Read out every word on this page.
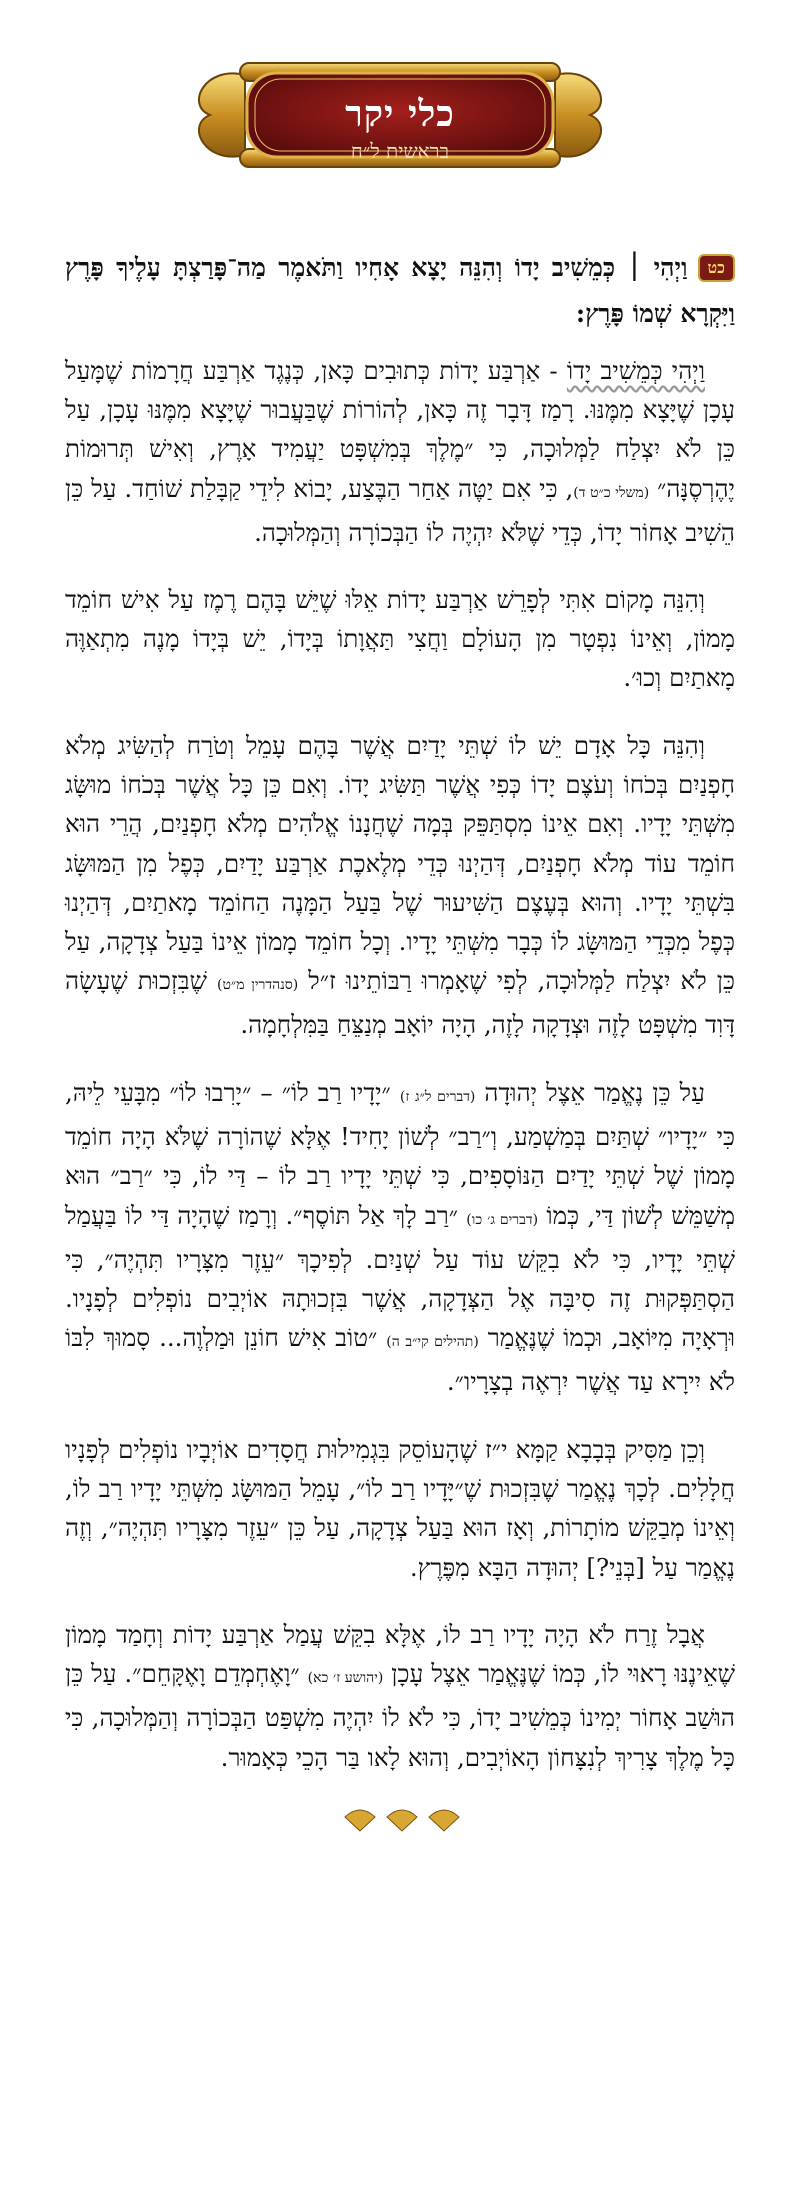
כלי יקר
בראשית ל״ח
כטוַיְהִי ׀ כְּמֵשִׁיב יָדוֹ וְהִנֵּה יָצָא אָחִיו וַתֹּאמֶר מַה־פָּרַצְתָּ עָלֶיךָ פָּרֶץ וַיִּקְרָא שְׁמוֹ פָּרֶץ:

וַיְהִי כְּמֵשִׁיב יָדוֹ - אַרְבַּע יָדוֹת כְּתוּבִים כָּאן, כְּנֶגֶד אַרְבַּע חֲרָמוֹת שֶׁמָּעַל עָכָן שֶׁיָּצָא מִמֶּנּוּ. רָמַז דָּבָר זֶה כָּאן, לְהוֹרוֹת שֶׁבַּעֲבוּר שֶׁיָּצָא מִמֶּנּוּ עָכָן, עַל כֵּן לֹא יִצְלַח לַמְּלוּכָה, כִּי ״מֶלֶךְ בְּמִשְׁפָּט יַעֲמִיד אָרֶץ, וְאִישׁ תְּרוּמוֹת יֶהֶרְסֶנָּה״ (משלי כ״ט ד), כִּי אִם יַטֶּה אַחַר הַבֶּצַע, יָבוֹא לִידֵי קַבָּלַת שׁוֹחַד. עַל כֵּן הֵשִׁיב אָחוֹר יָדוֹ, כְּדֵי שֶׁלֹּא יִהְיֶה לוֹ הַבְּכוֹרָה וְהַמְּלוּכָה.

וְהִנֵּה מָקוֹם אִתִּי לְפָרֵשׁ אַרְבַּע יָדוֹת אֵלּוּ שֶׁיֵּשׁ בָּהֶם רֶמֶז עַל אִישׁ חוֹמֵד מָמוֹן, וְאֵינוֹ נִפְטָר מִן הָעוֹלָם וַחֲצִי תַּאֲוָתוֹ בְּיָדוֹ, יֵשׁ בְּיָדוֹ מָנֶה מִתְאַוֶּה מָאתַיִם וְכוּ׳.

וְהִנֵּה כָּל אָדָם יֵשׁ לוֹ שְׁתֵּי יָדַיִם אֲשֶׁר בָּהֶם עָמֵל וְטֹרַח לְהַשִּׂיג מְלֹא חָפְנַיִם בְּכֹחוֹ וְעֹצֶם יָדוֹ כְּפִי אֲשֶׁר תַּשִּׂיג יָדוֹ. וְאִם כֵּן כָּל אֲשֶׁר בְּכֹחוֹ מוּשָּׂג מִשְּׁתֵּי יָדָיו. וְאִם אֵינוֹ מִסְתַּפֵּק בְּמָה שֶׁחֲנָנוֹ אֱלֹהִים מְלֹא חָפְנַיִם, הֲרֵי הוּא חוֹמֵד עוֹד מְלֹא חָפְנַיִם, דְּהַיְנוּ כְּדֵי מְלֶאכֶת אַרְבַּע יָדַיִם, כְּפֶל מִן הַמּוּשָּׂג בִּשְׁתֵּי יָדָיו. וְהוּא בְּעֶצֶם הַשִּׁיעוּר שֶׁל בַּעַל הַמָּנֶה הַחוֹמֵד מָאתַיִם, דְּהַיְנוּ כְּפֶל מִכְּדֵי הַמּוּשָּׂג לוֹ כְּבָר מִשְּׁתֵּי יָדָיו. וְכָל חוֹמֵד מָמוֹן אֵינוֹ בַּעַל צְדָקָה, עַל כֵּן לֹא יִצְלַח לַמְּלוּכָה, לְפִי שֶׁאָמְרוּ רַבּוֹתֵינוּ ז״ל (סנהדרין מ״ט) שֶׁבִּזְכוּת שֶׁעָשָׂה דָּוִד מִשְׁפָּט לָזֶה וּצְדָקָה לָזֶה, הָיָה יוֹאָב מְנַצֵּחַ בַּמִּלְחָמָה.

עַל כֵּן נֶאֱמַר אֵצֶל יְהוּדָה (דברים ל״ג ז) ״יָדָיו רַב לוֹ״ – ״יָרִבוּ לוֹ״ מִבָּעֵי לֵיהּ, כִּי ״יָדָיו״ שְׁתַּיִם בְּמַשְׁמַע, וְ״רַב״ לְשׁוֹן יָחִיד! אֶלָּא שֶׁהוֹרָה שֶׁלֹּא הָיָה חוֹמֵד מָמוֹן שֶׁל שְׁתֵּי יָדַיִם הַנּוֹסָפִים, כִּי שְׁתֵּי יָדָיו רַב לוֹ – דַּי לוֹ, כִּי ״רַב״ הוּא מְשַׁמֵּשׁ לְשׁוֹן דַּי, כְּמוֹ (דברים ג׳ כו) ״רַב לָךְ אַל תּוֹסֶף״. וְרָמַז שֶׁהָיָה דַּי לוֹ בַּעֲמַל שְׁתֵּי יָדָיו, כִּי לֹא בִקֵּשׁ עוֹד עַל שְׁנַיִם. לְפִיכָךְ ״עֵזֶר מִצָּרָיו תִּהְיֶה״, כִּי הַסְתַּפְּקוּת זֶה סִיבָּה אֶל הַצְּדָקָה, אֲשֶׁר בִּזְכוּתָהּ אוֹיְבִים נוֹפְלִים לְפָנָיו. וּרְאָיָה מִיּוֹאָב, וּכְמוֹ שֶׁנֶּאֱמַר (תהילים קי״ב ה) ״טוֹב אִישׁ חוֹנֵן וּמַלְוֶה... סָמוּךְ לִבּוֹ לֹא יִירָא עַד אֲשֶׁר יִרְאֶה בְצָרָיו״.

וְכֵן מַסִּיק בְּבָבָא קַמָּא י״ז שֶׁהָעוֹסֵק בִּגְמִילוּת חֲסָדִים אוֹיְבָיו נוֹפְלִים לְפָנָיו חֲלָלִים. לְכָךְ נֶאֱמַר שֶׁבִּזְכוּת שֶׁ״יָּדָיו רַב לוֹ״, עָמֵל הַמּוּשָּׂג מִשְּׁתֵּי יָדָיו רַב לוֹ, וְאֵינוֹ מְבַקֵּשׁ מוֹתָרוֹת, וְאָז הוּא בַּעַל צְדָקָה, עַל כֵּן ״עֵזֶר מִצָּרָיו תִּהְיֶה״, וְזֶה נֶאֱמַר עַל [בְּנֵי?] יְהוּדָה הַבָּא מִפֶּרֶץ.

אֲבָל זֶרַח לֹא הָיָה יָדָיו רַב לוֹ, אֶלָּא בִקֵּשׁ עֲמַל אַרְבַּע יָדוֹת וְחָמַד מָמוֹן שֶׁאֵינֶנּוּ רָאוּי לוֹ, כְּמוֹ שֶׁנֶּאֱמַר אֵצֶל עָכָן (יהושע ז׳ כא) ״וָאֶחְמְדֵם וָאֶקָּחֵם״. עַל כֵּן הוּשַׁב אָחוֹר יְמִינוֹ כְּמֵשִׁיב יָדוֹ, כִּי לֹא לוֹ יִהְיֶה מִשְׁפַּט הַבְּכוֹרָה וְהַמְּלוּכָה, כִּי כָּל מֶלֶךְ צָרִיךְ לְנִצָּחוֹן הָאוֹיְבִים, וְהוּא לָאו בַּר הָכֵי כְּאָמוּר.
